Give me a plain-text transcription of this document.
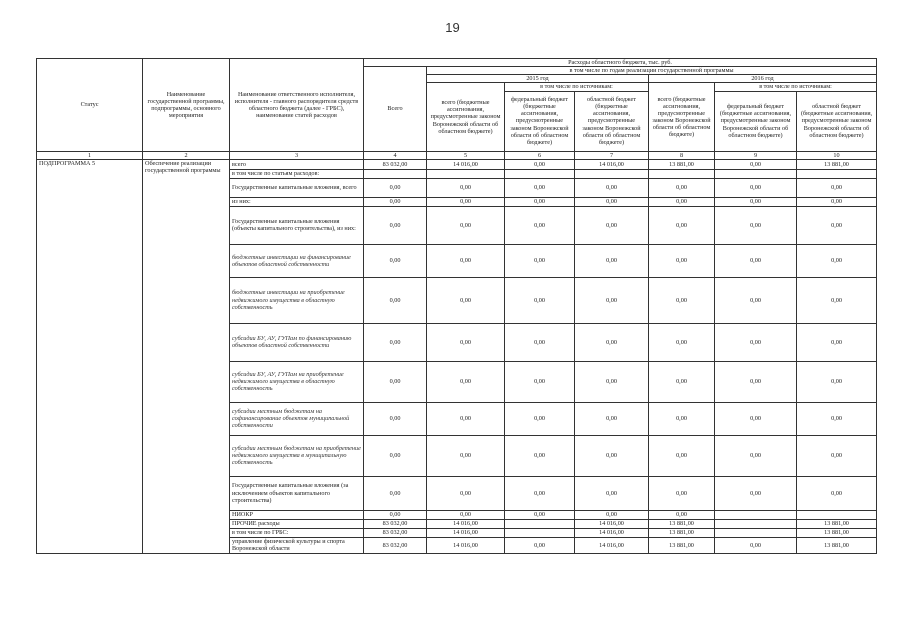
19
Статус	Наименование государственной программы, подпрограммы, основного мероприятия	Наименование ответственного исполнителя, исполнителя - главного распорядителя средств областного бюджета (далее - ГРБС), наименование статей расходов	Расходы областного бюджета, тыс. руб.						
			Всего	в том числе по годам реализации государственной программы					
				2015 год			2016 год		
				всего (бюджетные ассигнования, предусмотренные законом Воронежской области об областном бюджете)	в том числе по источникам:		всего (бюджетные ассигнования, предусмотренные законом Воронежской области об областном бюджете)	в том числе по источникам:	
					федеральный бюджет (бюджетные ассигнования, предусмотренные законом Воронежской области об областном бюджете)	областной бюджет (бюджетные ассигнования, предусмотренные законом Воронежской области об областном бюджете)		федеральный бюджет (бюджетные ассигнования, предусмотренные законом Воронежской области об областном бюджете)	областной бюджет (бюджетные ассигнования, предусмотренные законом Воронежской области об областном бюджете)
1	2	3	4	5	6	7	8	9	10
ПОДПРОГРАММА 5	Обеспечение реализации государственной программы	всего	83 032,00	14 016,00	0,00	14 016,00	13 881,00	0,00	13 881,00
		в том числе по статьям расходов:							
		Государственные капитальные вложения, всего	0,00	0,00	0,00	0,00	0,00	0,00	0,00
		из них:	0,00	0,00	0,00	0,00	0,00	0,00	0,00
		Государственные капитальные вложения (объекты капитального строительства), из них:	0,00	0,00	0,00	0,00	0,00	0,00	0,00
		бюджетные инвестиции на финансирование объектов областной собственности	0,00	0,00	0,00	0,00	0,00	0,00	0,00
		бюджетные инвестиции на приобретение недвижимого имущества в областную собственность	0,00	0,00	0,00	0,00	0,00	0,00	0,00
		субсидии БУ, АУ, ГУПам по финансированию объектов областной собственности	0,00	0,00	0,00	0,00	0,00	0,00	0,00
		субсидии БУ, АУ, ГУПам на приобретение недвижимого имущества в областную собственность	0,00	0,00	0,00	0,00	0,00	0,00	0,00
		субсидии местным бюджетам на софинансирование объектов муниципальной собственности	0,00	0,00	0,00	0,00	0,00	0,00	0,00
		субсидии местным бюджетам на приобретение недвижимого имущества в муниципальную собственность	0,00	0,00	0,00	0,00	0,00	0,00	0,00
		Государственные капитальные вложения (за исключением объектов капитального строительства)	0,00	0,00	0,00	0,00	0,00	0,00	0,00
		НИОКР	0,00	0,00	0,00	0,00	0,00		
		ПРОЧИЕ расходы	83 032,00	14 016,00		14 016,00	13 881,00		13 881,00
		в том числе по ГРБС:	83 032,00	14 016,00		14 016,00	13 881,00		13 881,00
		управление физической культуры и спорта Воронежской области	83 032,00	14 016,00	0,00	14 016,00	13 881,00	0,00	13 881,00
